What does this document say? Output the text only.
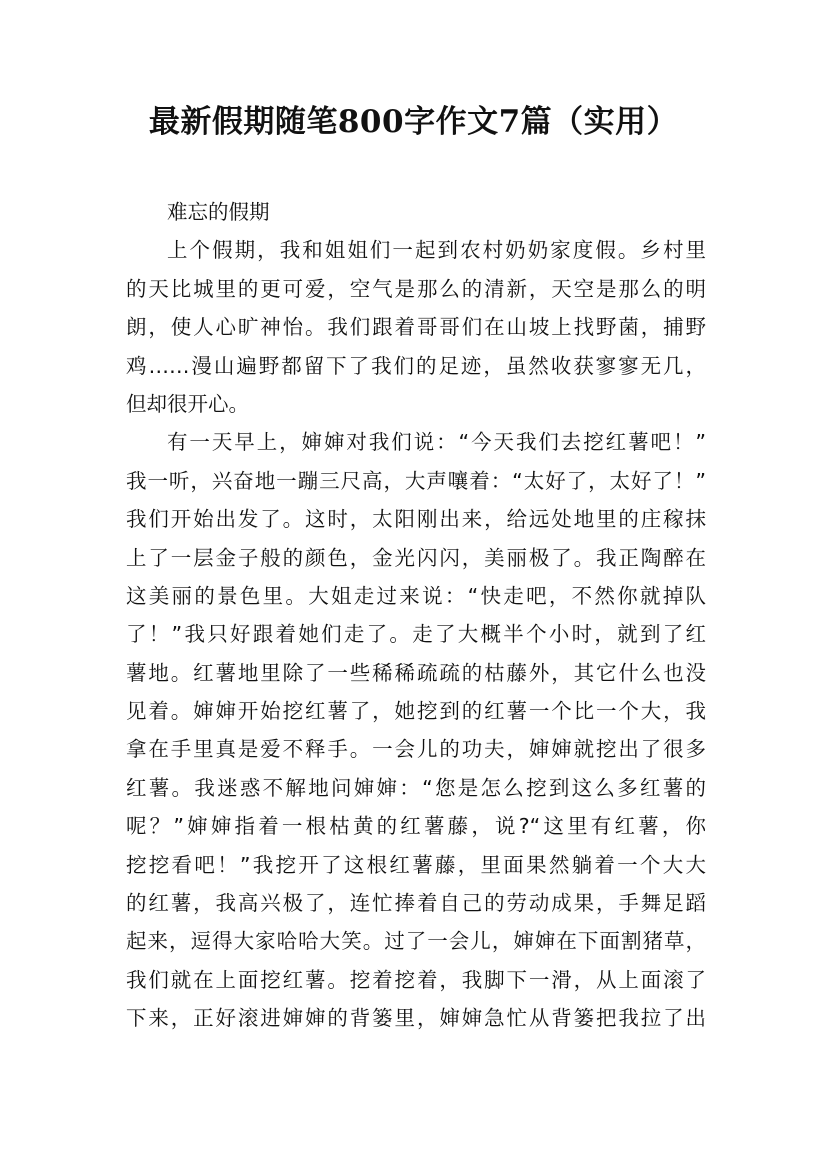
最新假期随笔800字作文7篇（实用）
难忘的假期
上个假期，我和姐姐们一起到农村奶奶家度假。乡村里
的天比城里的更可爱，空气是那么的清新，天空是那么的明
朗，使人心旷神怡。我们跟着哥哥们在山坡上找野菌，捕野
鸡……漫山遍野都留下了我们的足迹，虽然收获寥寥无几，
但却很开心。
有一天早上，婶婶对我们说：“今天我们去挖红薯吧！”
我一听，兴奋地一蹦三尺高，大声嚷着：“太好了，太好了！”
我们开始出发了。这时，太阳刚出来，给远处地里的庄稼抹
上了一层金子般的颜色，金光闪闪，美丽极了。我正陶醉在
这美丽的景色里。大姐走过来说：“快走吧，不然你就掉队
了！”我只好跟着她们走了。走了大概半个小时，就到了红
薯地。红薯地里除了一些稀稀疏疏的枯藤外，其它什么也没
见着。婶婶开始挖红薯了，她挖到的红薯一个比一个大，我
拿在手里真是爱不释手。一会儿的功夫，婶婶就挖出了很多
红薯。我迷惑不解地问婶婶：“您是怎么挖到这么多红薯的
呢？”婶婶指着一根枯黄的红薯藤，说?“这里有红薯，你
挖挖看吧！”我挖开了这根红薯藤，里面果然躺着一个大大
的红薯，我高兴极了，连忙捧着自己的劳动成果，手舞足蹈
起来，逗得大家哈哈大笑。过了一会儿，婶婶在下面割猪草，
我们就在上面挖红薯。挖着挖着，我脚下一滑，从上面滚了
下来，正好滚进婶婶的背篓里，婶婶急忙从背篓把我拉了出
